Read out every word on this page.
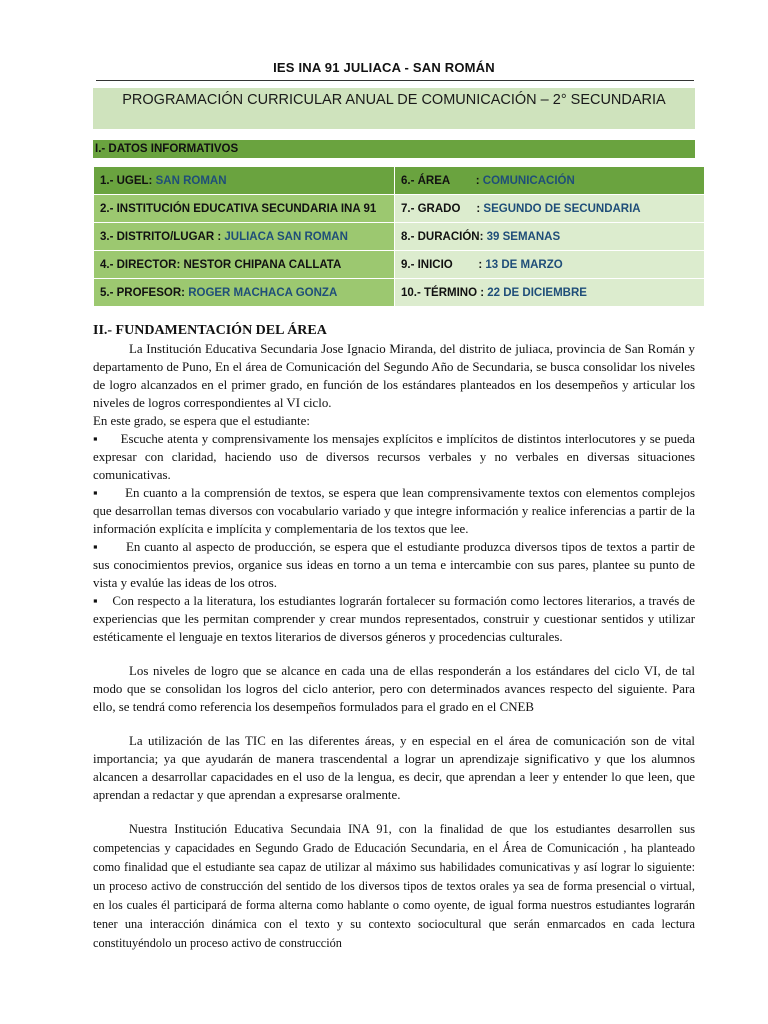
IES INA 91 JULIACA - SAN ROMÁN
PROGRAMACIÓN CURRICULAR ANUAL DE COMUNICACIÓN – 2° SECUNDARIA
I.- DATOS INFORMATIVOS
1.- UGEL: SAN ROMAN	6.- ÁREA        : COMUNICACIÓN
2.- INSTITUCIÓN EDUCATIVA SECUNDARIA INA 91	7.- GRADO     : SEGUNDO DE SECUNDARIA
3.- DISTRITO/LUGAR : JULIACA SAN ROMAN	8.- DURACIÓN: 39 SEMANAS
4.- DIRECTOR: NESTOR CHIPANA CALLATA	9.- INICIO        : 13 DE MARZO
5.- PROFESOR: ROGER MACHACA GONZA	10.- TÉRMINO : 22 DE DICIEMBRE
II.- FUNDAMENTACIÓN DEL ÁREA

La Institución Educativa Secundaria Jose Ignacio Miranda, del distrito de juliaca, provincia de San Román y departamento de Puno, En el área de Comunicación del Segundo Año de Secundaria, se busca consolidar los niveles de logro alcanzados en el primer grado, en función de los estándares planteados en los desempeños y articular los niveles de logros correspondientes al VI ciclo.

En este grado, se espera que el estudiante:

▪      Escuche atenta y comprensivamente los mensajes explícitos e implícitos de distintos interlocutores y se pueda expresar con claridad, haciendo uso de diversos recursos verbales y no verbales en diversas situaciones comunicativas.

▪       En cuanto a la comprensión de textos, se espera que lean comprensivamente textos con elementos complejos que desarrollan temas diversos con vocabulario variado y que integre información y realice inferencias a partir de la información explícita e implícita y complementaria de los textos que lee.

▪       En cuanto al aspecto de producción, se espera que el estudiante produzca diversos tipos de textos a partir de sus conocimientos previos, organice sus ideas en torno a un tema e intercambie con sus pares, plantee su punto de vista y evalúe las ideas de los otros.

▪    Con respecto a la literatura, los estudiantes lograrán fortalecer su formación como lectores literarios, a través de experiencias que les permitan comprender y crear mundos representados, construir y cuestionar sentidos y utilizar estéticamente el lenguaje en textos literarios de diversos géneros y procedencias culturales.

Los niveles de logro que se alcance en cada una de ellas responderán a los estándares del ciclo VI, de tal modo que se consolidan los logros del ciclo anterior, pero con determinados avances respecto del siguiente. Para ello, se tendrá como referencia los desempeños formulados para el grado en el CNEB

La utilización de las TIC en las diferentes áreas, y en especial en el área de comunicación son de vital importancia; ya que ayudarán de manera trascendental a lograr un aprendizaje significativo y que los alumnos alcancen a desarrollar capacidades en el uso de la lengua, es decir, que aprendan a leer y entender lo que leen, que aprendan a redactar y que aprendan a expresarse oralmente.

Nuestra Institución Educativa Secundaia INA 91, con la finalidad de que los estudiantes desarrollen sus competencias y capacidades en Segundo Grado de Educación Secundaria, en el Área de Comunicación , ha planteado como finalidad que el estudiante sea capaz de utilizar al máximo sus habilidades comunicativas y así lograr lo siguiente: un proceso activo de construcción del sentido de los diversos tipos de textos orales ya sea de forma presencial o virtual, en los cuales él participará de forma alterna como hablante o como oyente, de igual forma nuestros estudiantes lograrán tener una interacción dinámica con el texto y su contexto sociocultural que serán enmarcados en cada lectura constituyéndolo un proceso activo de construcción
